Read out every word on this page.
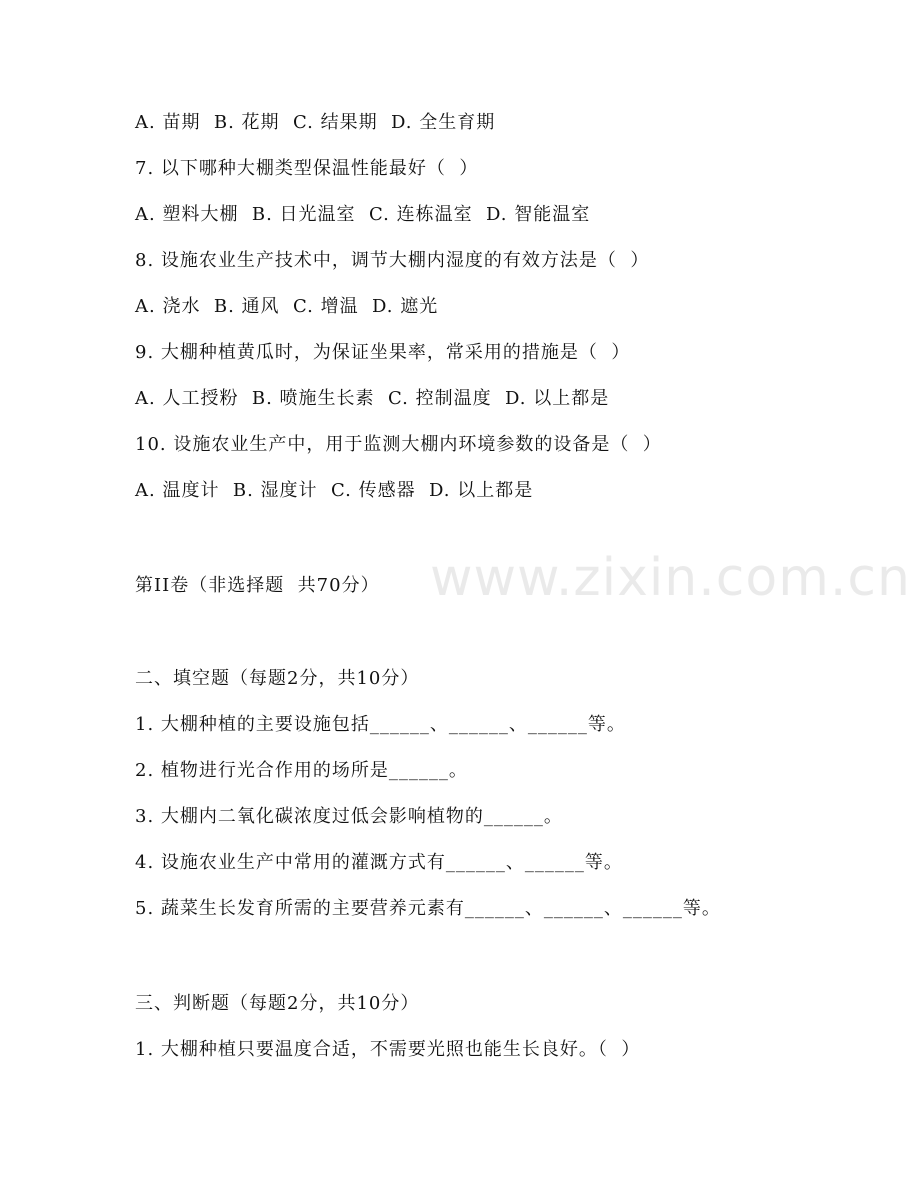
www.zixin.com.cn
A. 苗期  B. 花期  C. 结果期  D. 全生育期
7. 以下哪种大棚类型保温性能最好（  ）
A. 塑料大棚  B. 日光温室  C. 连栋温室  D. 智能温室
8. 设施农业生产技术中，调节大棚内湿度的有效方法是（  ）
A. 浇水  B. 通风  C. 增温  D. 遮光
9. 大棚种植黄瓜时，为保证坐果率，常采用的措施是（  ）
A. 人工授粉  B. 喷施生长素  C. 控制温度  D. 以上都是
10. 设施农业生产中，用于监测大棚内环境参数的设备是（  ）
A. 温度计  B. 湿度计  C. 传感器  D. 以上都是
第II卷（非选择题  共70分）
二、填空题（每题2分，共10分）
1. 大棚种植的主要设施包括______、______、______等。
2. 植物进行光合作用的场所是______。
3. 大棚内二氧化碳浓度过低会影响植物的______。
4. 设施农业生产中常用的灌溉方式有______、______等。
5. 蔬菜生长发育所需的主要营养元素有______、______、______等。
三、判断题（每题2分，共10分）
1. 大棚种植只要温度合适，不需要光照也能生长良好。（  ）
